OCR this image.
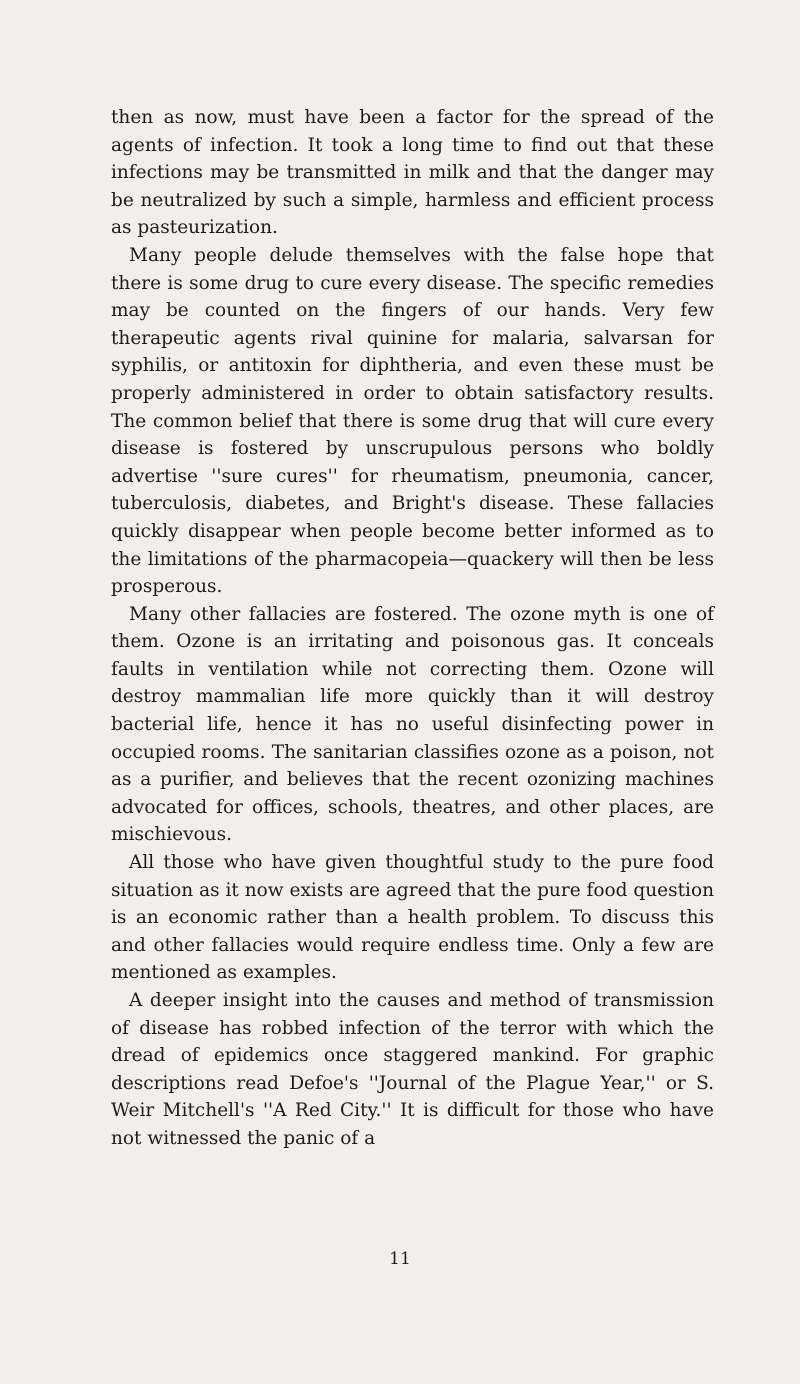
then as now, must have been a factor for the spread of the agents of infection. It took a long time to find out that these infections may be transmitted in milk and that the danger may be neutralized by such a simple, harmless and efficient process as pasteurization.

Many people delude themselves with the false hope that there is some drug to cure every disease. The specific remedies may be counted on the fingers of our hands. Very few therapeutic agents rival quinine for malaria, salvarsan for syphilis, or antitoxin for diphtheria, and even these must be properly administered in order to obtain satisfactory results. The common belief that there is some drug that will cure every disease is fostered by unscrupulous persons who boldly advertise ''sure cures'' for rheumatism, pneumonia, cancer, tuberculosis, diabetes, and Bright's disease. These fallacies quickly disappear when people become better informed as to the limitations of the pharmacopeia—quackery will then be less prosperous.

Many other fallacies are fostered. The ozone myth is one of them. Ozone is an irritating and poisonous gas. It conceals faults in ventilation while not correcting them. Ozone will destroy mammalian life more quickly than it will destroy bacterial life, hence it has no useful disinfecting power in occupied rooms. The sanitarian classifies ozone as a poison, not as a purifier, and believes that the recent ozonizing machines advocated for offices, schools, theatres, and other places, are mischievous.

All those who have given thoughtful study to the pure food situation as it now exists are agreed that the pure food question is an economic rather than a health problem. To discuss this and other fallacies would require endless time. Only a few are mentioned as examples.

A deeper insight into the causes and method of transmission of disease has robbed infection of the terror with which the dread of epidemics once staggered mankind. For graphic descriptions read Defoe's ''Journal of the Plague Year,'' or S. Weir Mitchell's ''A Red City.'' It is difficult for those who have not witnessed the panic of a

11
